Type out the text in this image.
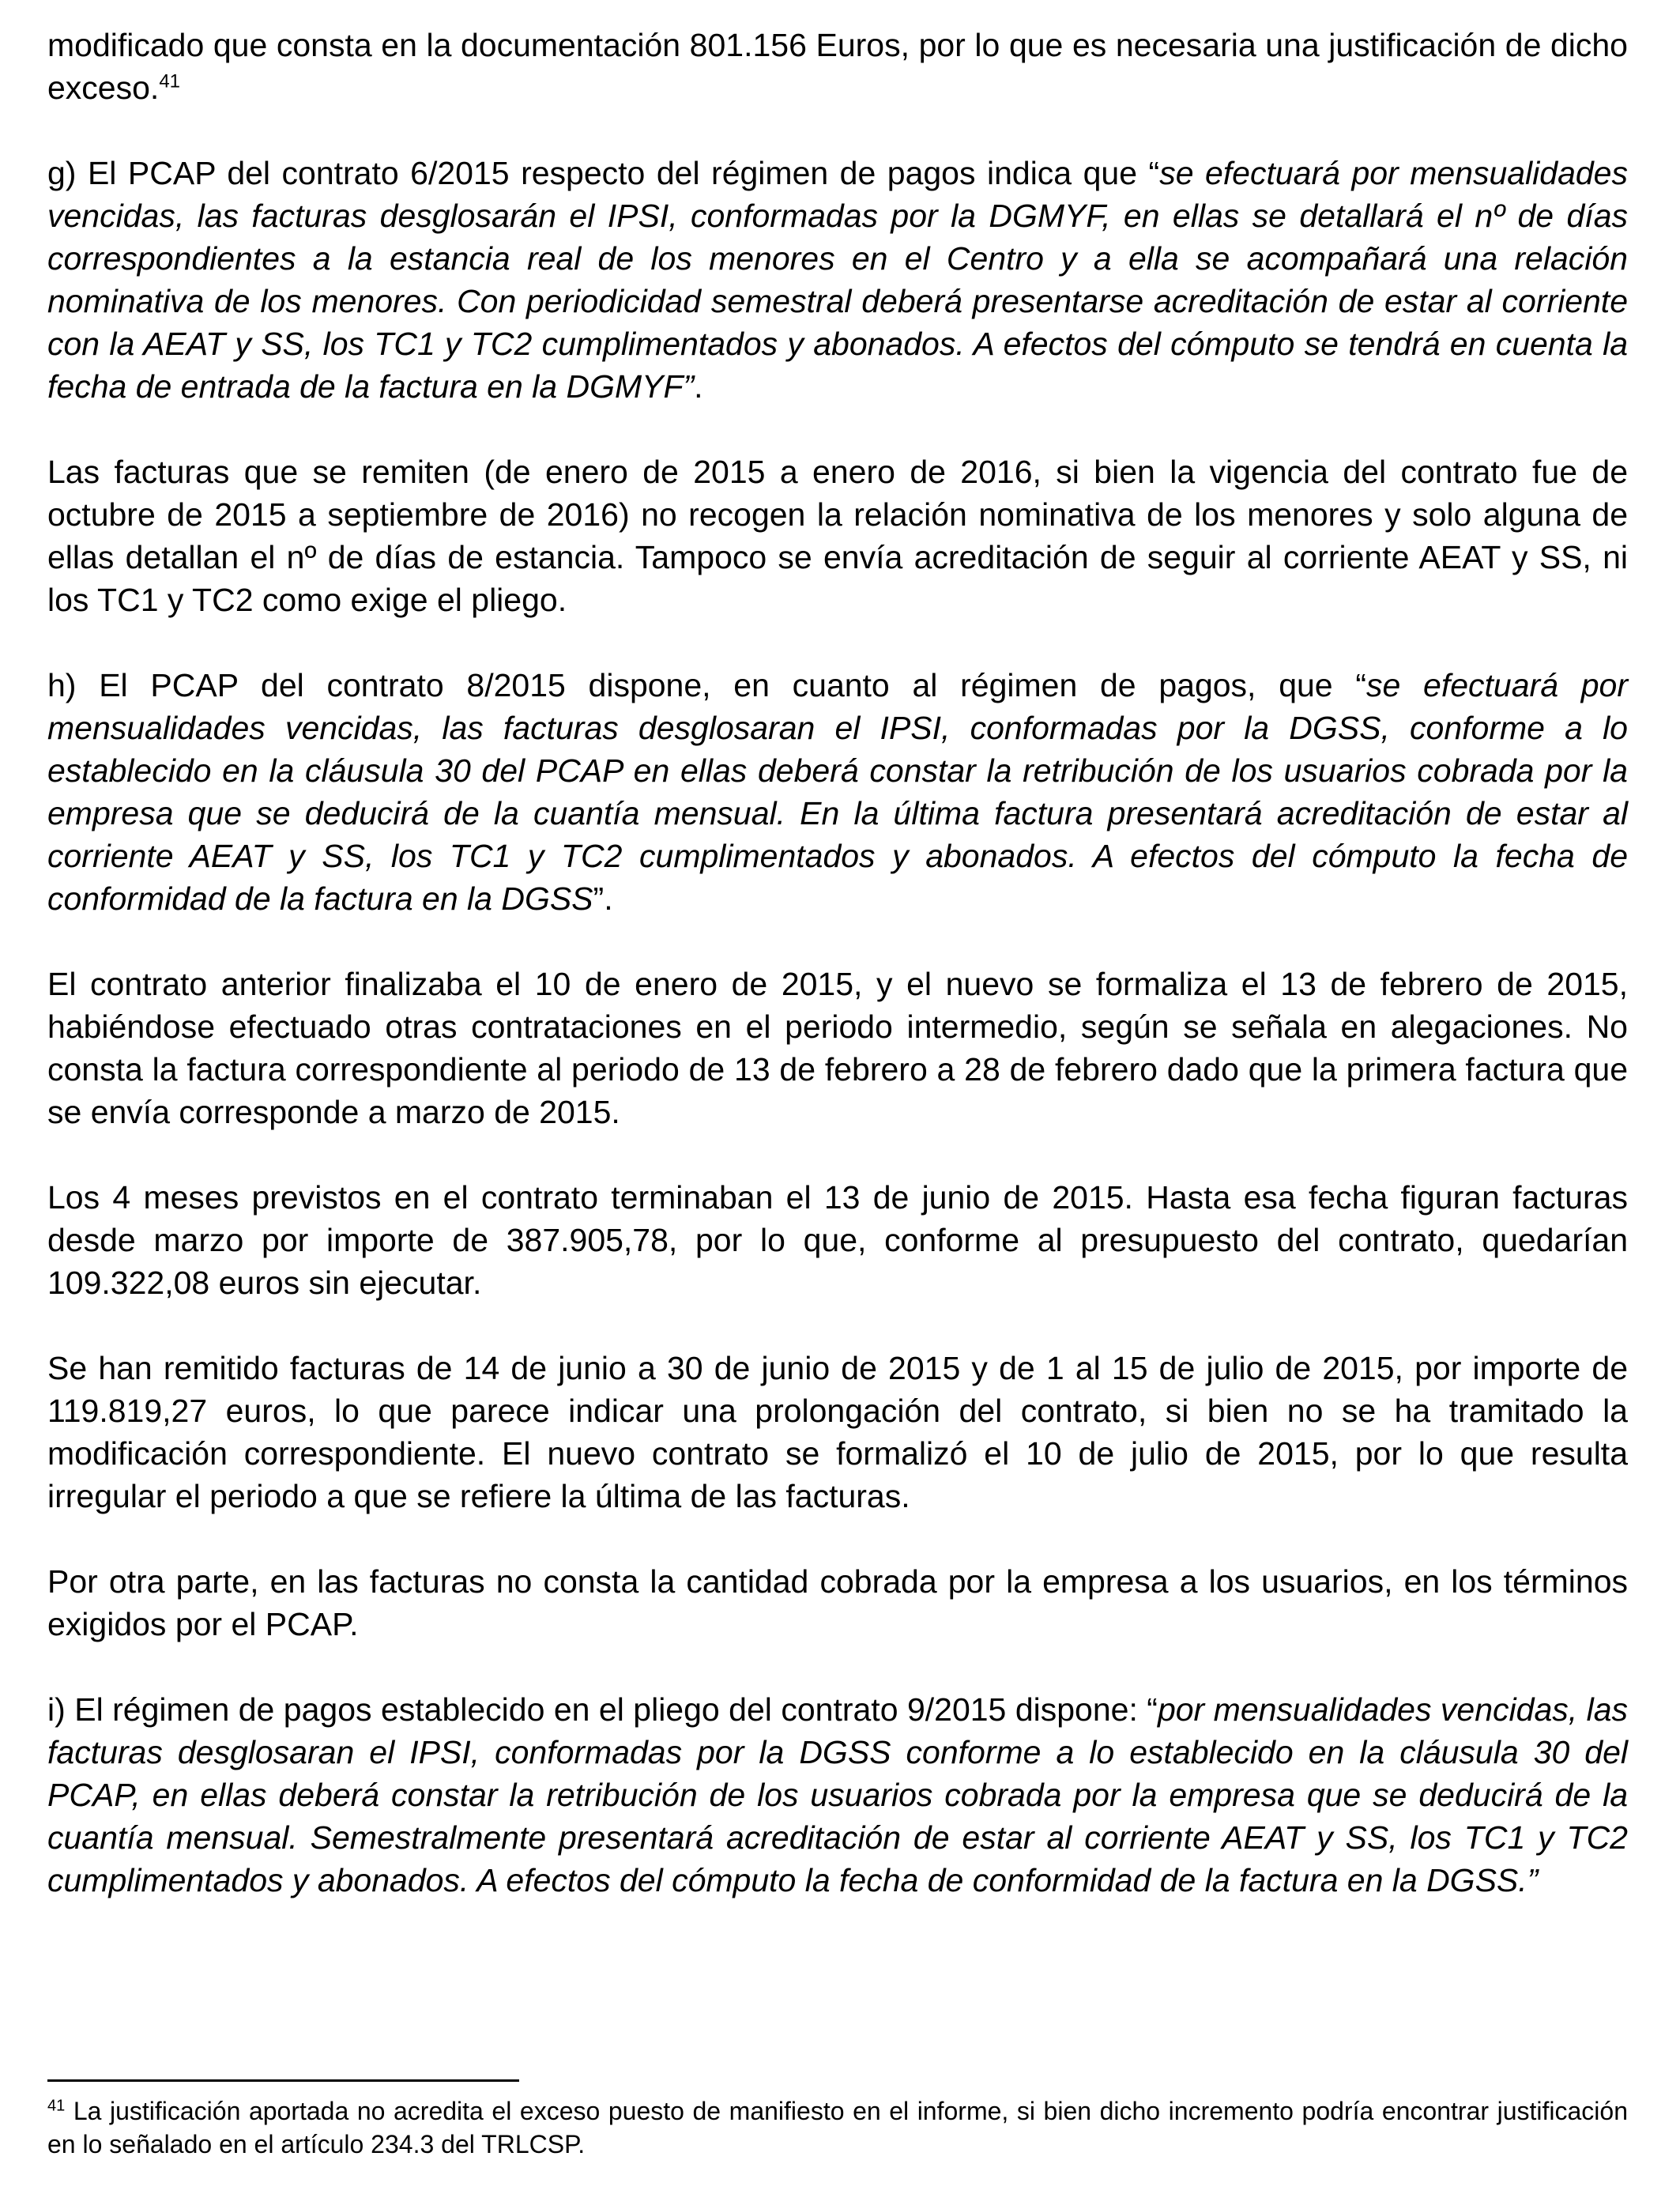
modificado que consta en la documentación 801.156 Euros, por lo que es necesaria una justificación de dicho exceso.$^{41}$

g) El PCAP del contrato 6/2015 respecto del régimen de pagos indica que “se efectuará por mensualidades vencidas, las facturas desglosarán el IPSI, conformadas por la DGMYF, en ellas se detallará el nº de días correspondientes a la estancia real de los menores en el Centro y a ella se acompañará una relación nominativa de los menores. Con periodicidad semestral deberá presentarse acreditación de estar al corriente con la AEAT y SS, los TC1 y TC2 cumplimentados y abonados. A efectos del cómputo se tendrá en cuenta la fecha de entrada de la factura en la DGMYF”.

Las facturas que se remiten (de enero de 2015 a enero de 2016, si bien la vigencia del contrato fue de octubre de 2015 a septiembre de 2016) no recogen la relación nominativa de los menores y solo alguna de ellas detallan el nº de días de estancia. Tampoco se envía acreditación de seguir al corriente AEAT y SS, ni los TC1 y TC2 como exige el pliego.

h) El PCAP del contrato 8/2015 dispone, en cuanto al régimen de pagos, que “se efectuará por mensualidades vencidas, las facturas desglosaran el IPSI, conformadas por la DGSS, conforme a lo establecido en la cláusula 30 del PCAP en ellas deberá constar la retribución de los usuarios cobrada por la empresa que se deducirá de la cuantía mensual. En la última factura presentará acreditación de estar al corriente AEAT y SS, los TC1 y TC2 cumplimentados y abonados. A efectos del cómputo la fecha de conformidad de la factura en la DGSS”.

El contrato anterior finalizaba el 10 de enero de 2015, y el nuevo se formaliza el 13 de febrero de 2015, habiéndose efectuado otras contrataciones en el periodo intermedio, según se señala en alegaciones. No consta la factura correspondiente al periodo de 13 de febrero a 28 de febrero dado que la primera factura que se envía corresponde a marzo de 2015.

Los 4 meses previstos en el contrato terminaban el 13 de junio de 2015. Hasta esa fecha figuran facturas desde marzo por importe de 387.905,78, por lo que, conforme al presupuesto del contrato, quedarían 109.322,08 euros sin ejecutar.

Se han remitido facturas de 14 de junio a 30 de junio de 2015 y de 1 al 15 de julio de 2015, por importe de 119.819,27 euros, lo que parece indicar una prolongación del contrato, si bien no se ha tramitado la modificación correspondiente. El nuevo contrato se formalizó el 10 de julio de 2015, por lo que resulta irregular el periodo a que se refiere la última de las facturas.

Por otra parte, en las facturas no consta la cantidad cobrada por la empresa a los usuarios, en los términos exigidos por el PCAP.

i) El régimen de pagos establecido en el pliego del contrato 9/2015 dispone: “por mensualidades vencidas, las facturas desglosaran el IPSI, conformadas por la DGSS conforme a lo establecido en la cláusula 30 del PCAP, en ellas deberá constar la retribución de los usuarios cobrada por la empresa que se deducirá de la cuantía mensual. Semestralmente presentará acreditación de estar al corriente AEAT y SS, los TC1 y TC2 cumplimentados y abonados. A efectos del cómputo la fecha de conformidad de la factura en la DGSS.”

$^{41}$ La justificación aportada no acredita el exceso puesto de manifiesto en el informe, si bien dicho incremento podría encontrar justificación en lo señalado en el artículo 234.3 del TRLCSP.
